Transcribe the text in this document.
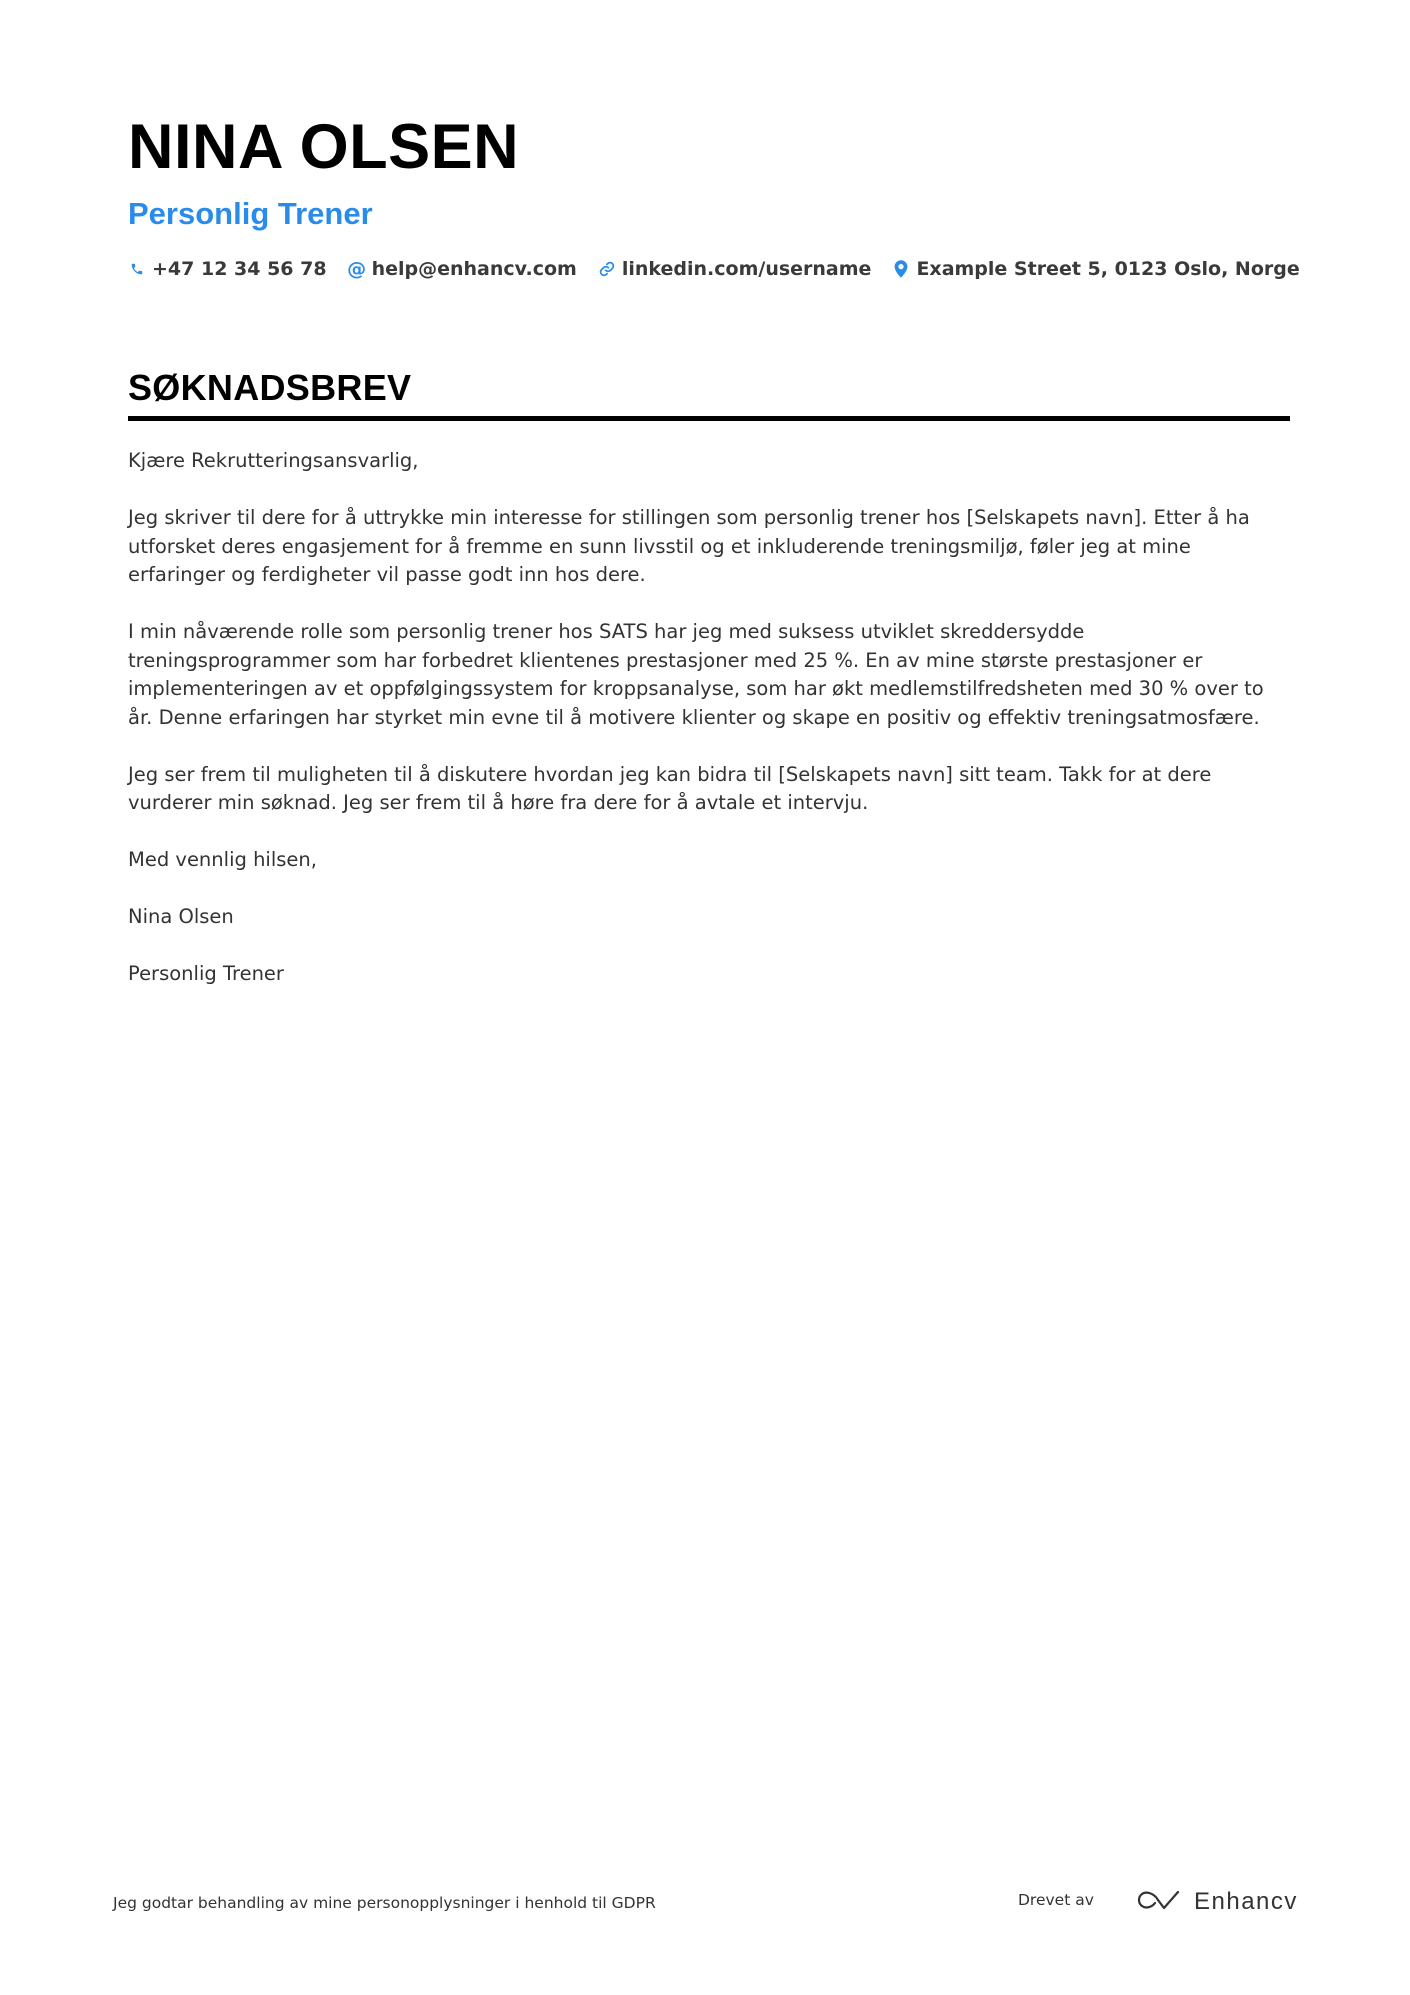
NINA OLSEN
Personlig Trener
+47 12 34 56 78 @ help@enhancv.com linkedin.com/username Example Street 5, 0123 Oslo, Norge
SØKNADSBREV

Kjære Rekrutteringsansvarlig,

Jeg skriver til dere for å uttrykke min interesse for stillingen som personlig trener hos [Selskapets navn]. Etter å ha utforsket deres engasjement for å fremme en sunn livsstil og et inkluderende treningsmiljø, føler jeg at mine erfaringer og ferdigheter vil passe godt inn hos dere.

I min nåværende rolle som personlig trener hos SATS har jeg med suksess utviklet skreddersydde treningsprogrammer som har forbedret klientenes prestasjoner med 25 %. En av mine største prestasjoner er implementeringen av et oppfølgingssystem for kroppsanalyse, som har økt medlemstilfredsheten med 30 % over to år. Denne erfaringen har styrket min evne til å motivere klienter og skape en positiv og effektiv treningsatmosfære.

Jeg ser frem til muligheten til å diskutere hvordan jeg kan bidra til [Selskapets navn] sitt team. Takk for at dere vurderer min søknad. Jeg ser frem til å høre fra dere for å avtale et intervju.

Med vennlig hilsen,

Nina Olsen

Personlig Trener

Jeg godtar behandling av mine personopplysninger i henhold til GDPR	Drevet av	Enhancv
